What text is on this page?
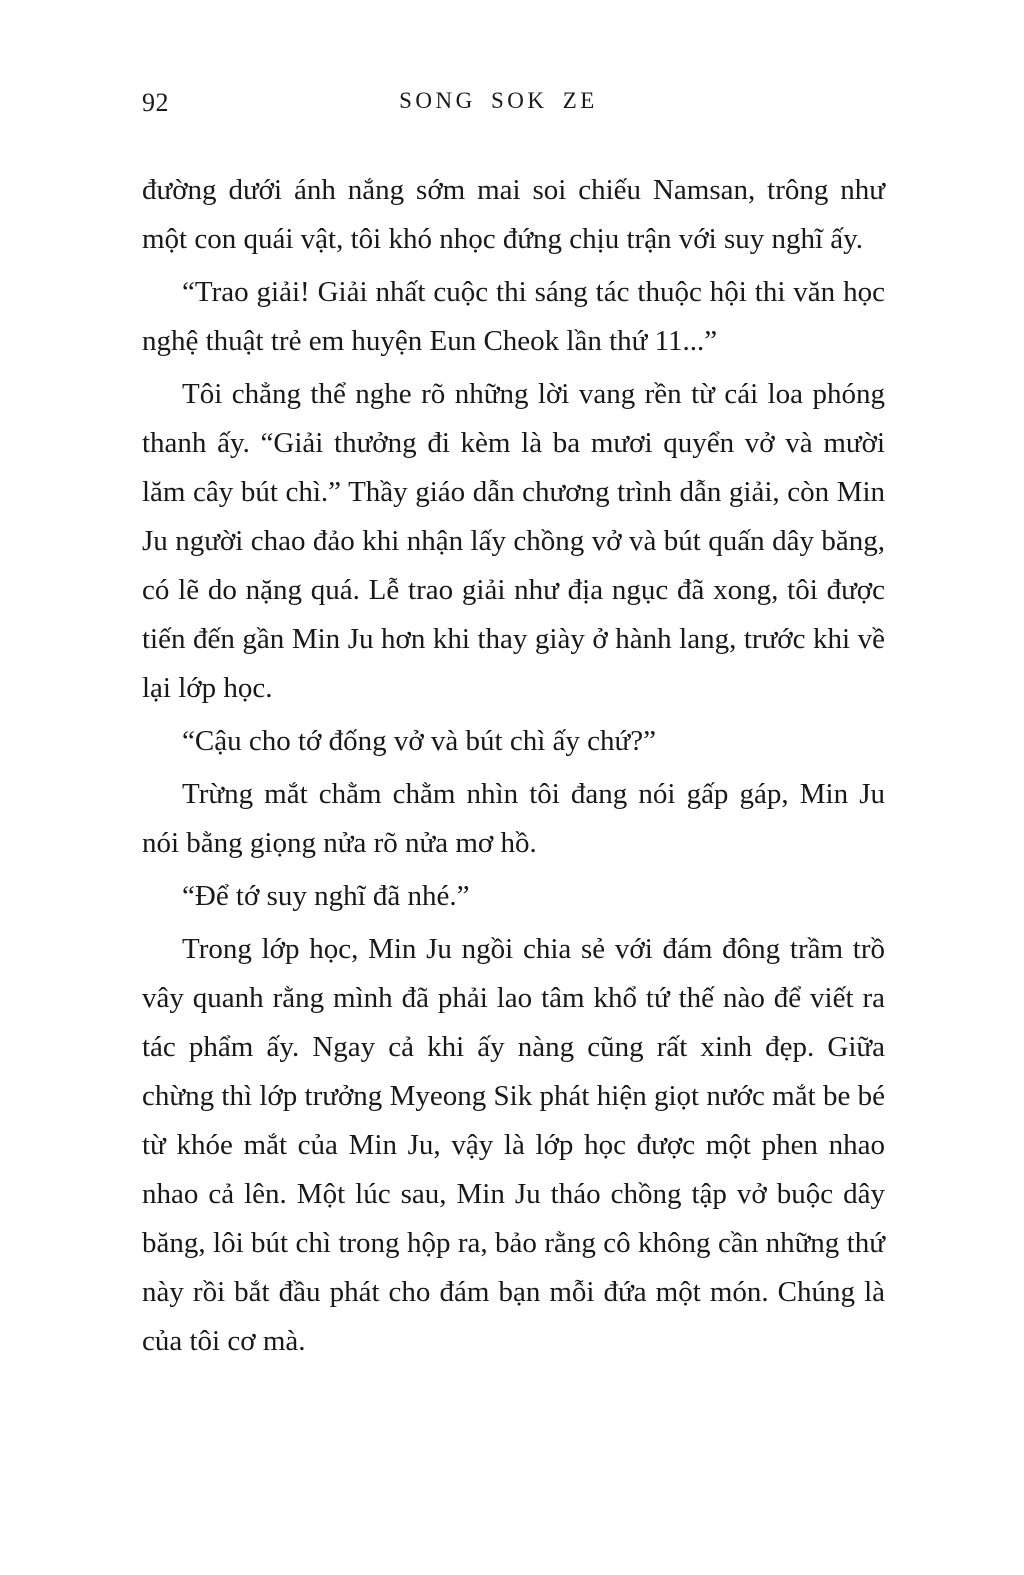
92	SONG SOK ZE

đường dưới ánh nắng sớm mai soi chiếu Namsan, trông như một con quái vật, tôi khó nhọc đứng chịu trận với suy nghĩ ấy.

“Trao giải! Giải nhất cuộc thi sáng tác thuộc hội thi văn học nghệ thuật trẻ em huyện Eun Cheok lần thứ 11...”

Tôi chẳng thể nghe rõ những lời vang rền từ cái loa phóng thanh ấy. “Giải thưởng đi kèm là ba mươi quyển vở và mười lăm cây bút chì.” Thầy giáo dẫn chương trình dẫn giải, còn Min Ju người chao đảo khi nhận lấy chồng vở và bút quấn dây băng, có lẽ do nặng quá. Lễ trao giải như địa ngục đã xong, tôi được tiến đến gần Min Ju hơn khi thay giày ở hành lang, trước khi về lại lớp học.

“Cậu cho tớ đống vở và bút chì ấy chứ?”

Trừng mắt chằm chằm nhìn tôi đang nói gấp gáp, Min Ju nói bằng giọng nửa rõ nửa mơ hồ.

“Để tớ suy nghĩ đã nhé.”

Trong lớp học, Min Ju ngồi chia sẻ với đám đông trầm trồ vây quanh rằng mình đã phải lao tâm khổ tứ thế nào để viết ra tác phẩm ấy. Ngay cả khi ấy nàng cũng rất xinh đẹp. Giữa chừng thì lớp trưởng Myeong Sik phát hiện giọt nước mắt be bé từ khóe mắt của Min Ju, vậy là lớp học được một phen nhao nhao cả lên. Một lúc sau, Min Ju tháo chồng tập vở buộc dây băng, lôi bút chì trong hộp ra, bảo rằng cô không cần những thứ này rồi bắt đầu phát cho đám bạn mỗi đứa một món. Chúng là của tôi cơ mà.
